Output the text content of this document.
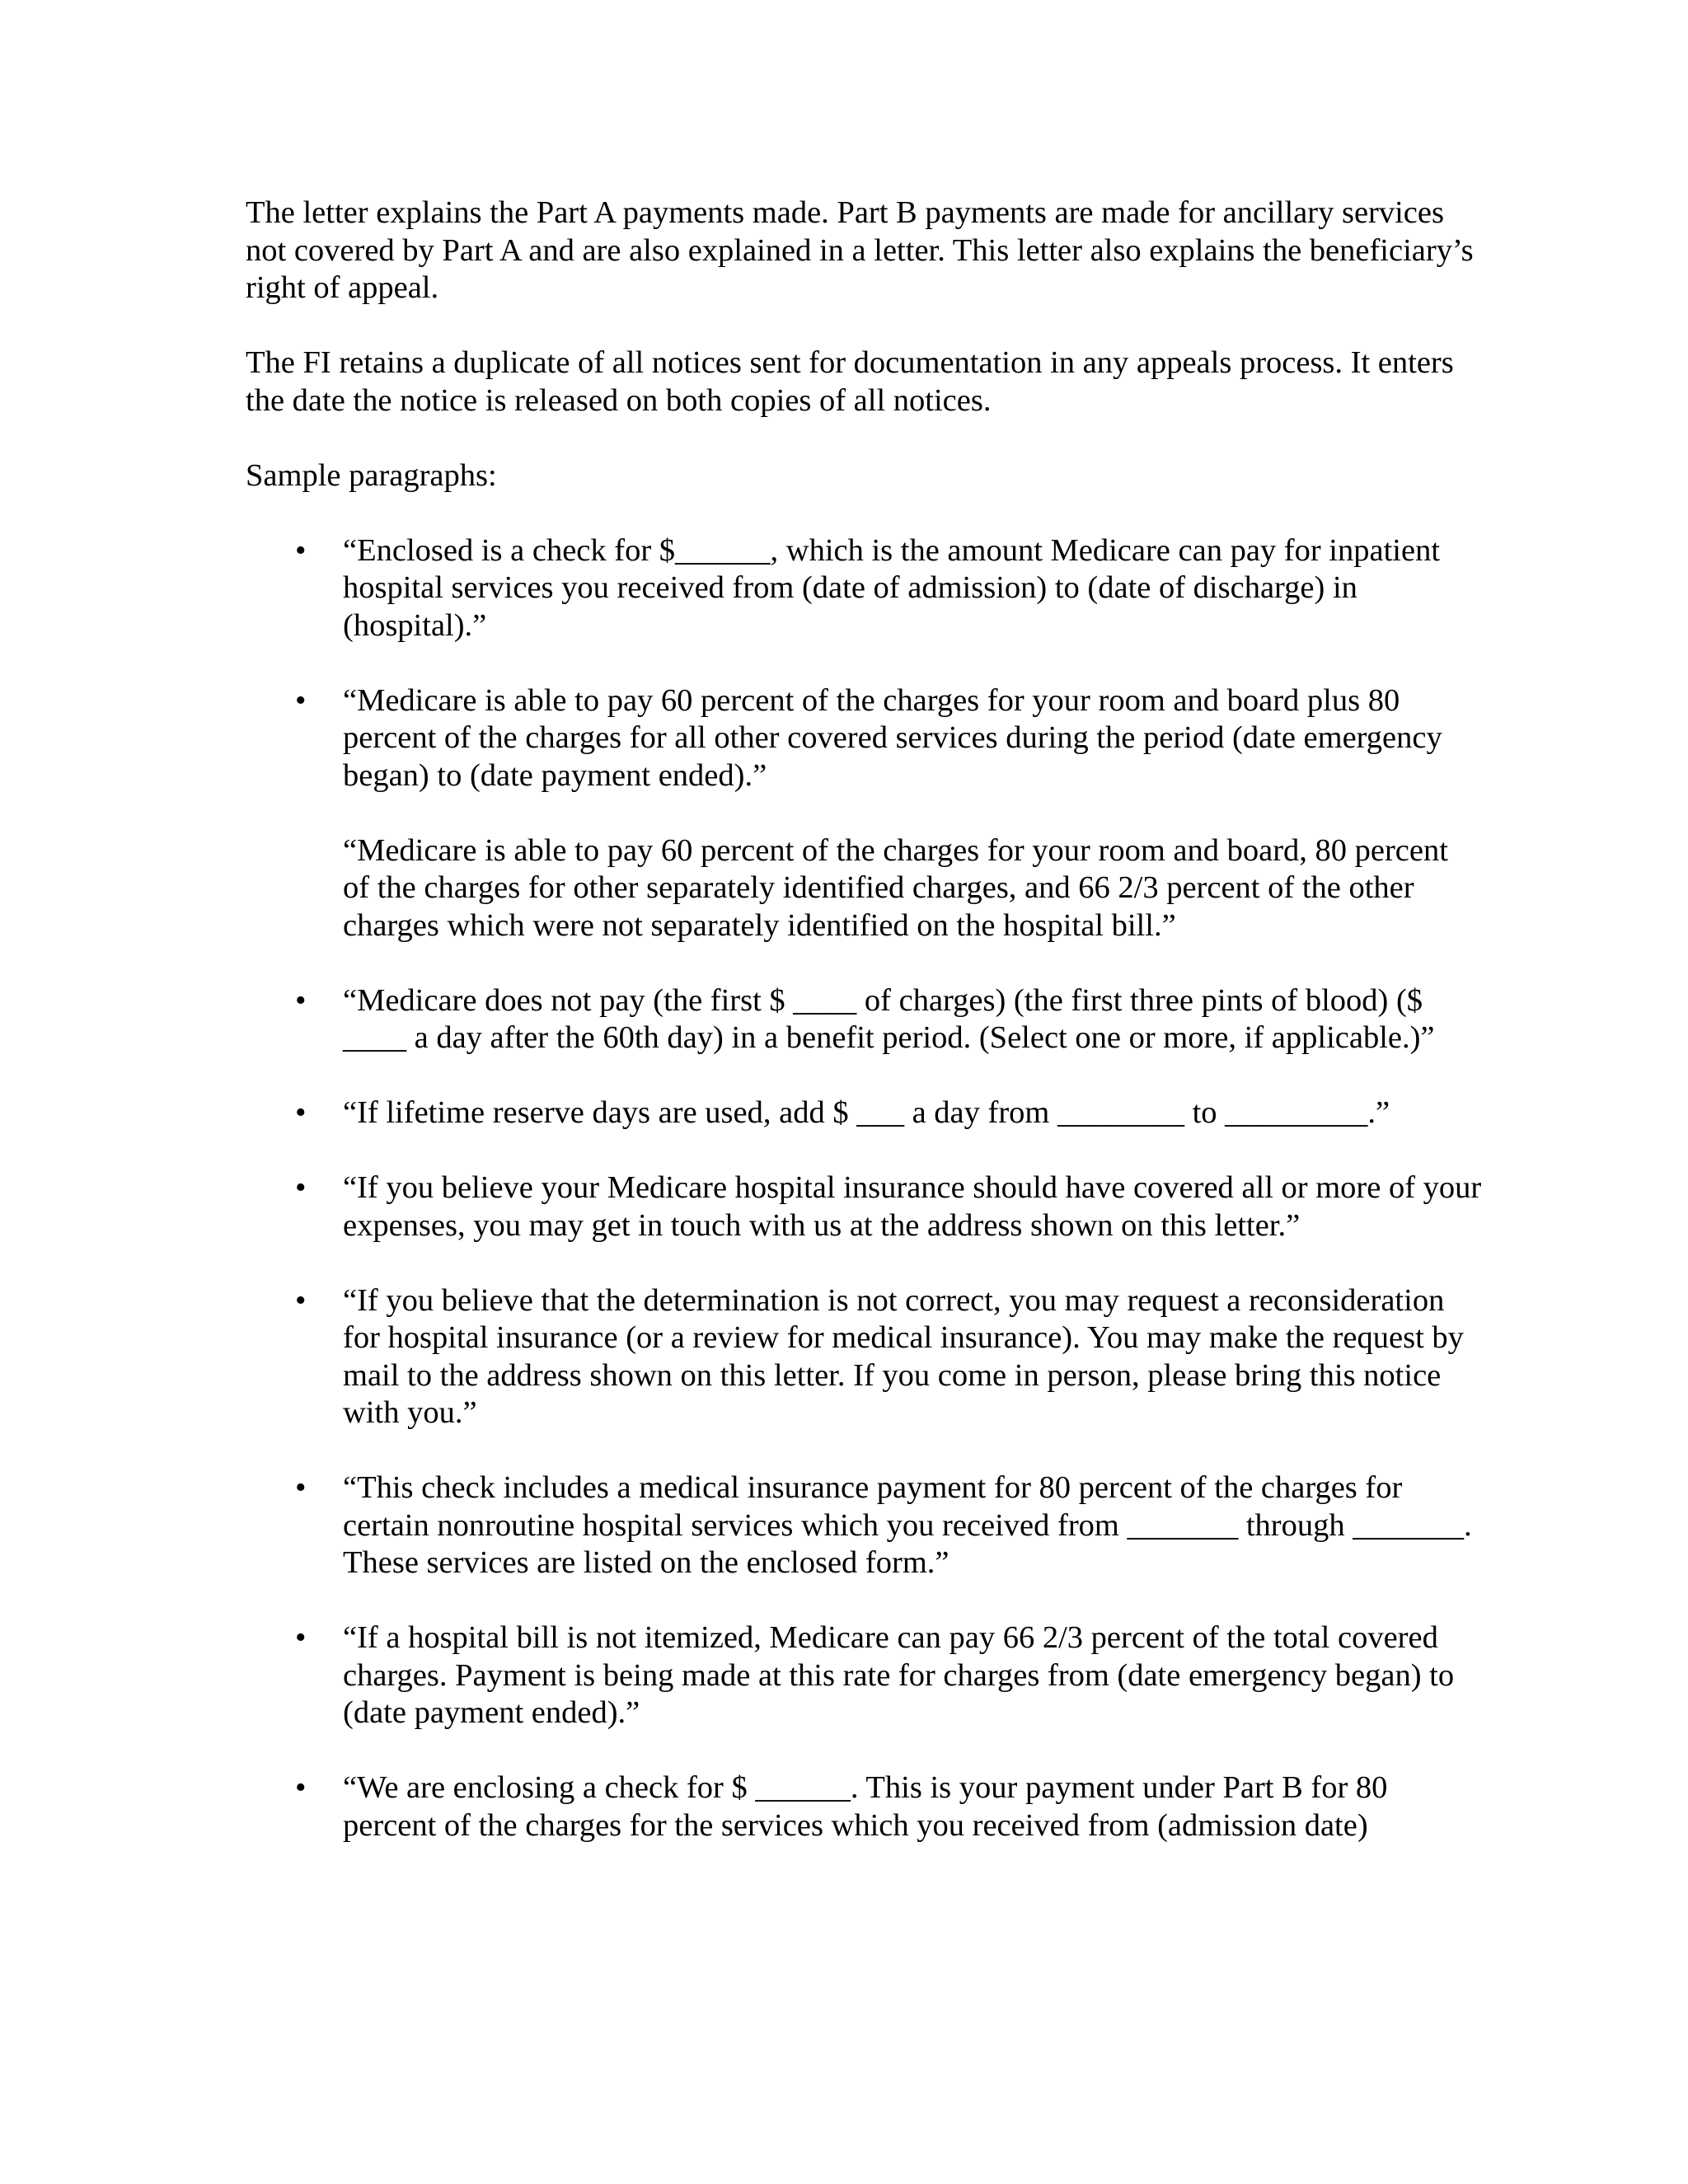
The letter explains the Part A payments made. Part B payments are made for ancillary services not covered by Part A and are also explained in a letter. This letter also explains the beneficiary’s right of appeal.

The FI retains a duplicate of all notices sent for documentation in any appeals process. It enters the date the notice is released on both copies of all notices.

Sample paragraphs:

• “Enclosed is a check for $______, which is the amount Medicare can pay for inpatient hospital services you received from (date of admission) to (date of discharge) in (hospital).”
• “Medicare is able to pay 60 percent of the charges for your room and board plus 80 percent of the charges for all other covered services during the period (date emergency began) to (date payment ended).”
“Medicare is able to pay 60 percent of the charges for your room and board, 80 percent of the charges for other separately identified charges, and 66 2/3 percent of the other charges which were not separately identified on the hospital bill.”
• “Medicare does not pay (the first $ ____ of charges) (the first three pints of blood) ($ ____ a day after the 60th day) in a benefit period. (Select one or more, if applicable.)”
• “If lifetime reserve days are used, add $ ___ a day from ________ to _________.”
• “If you believe your Medicare hospital insurance should have covered all or more of your expenses, you may get in touch with us at the address shown on this letter.”
• “If you believe that the determination is not correct, you may request a reconsideration for hospital insurance (or a review for medical insurance). You may make the request by mail to the address shown on this letter. If you come in person, please bring this notice with you.”
• “This check includes a medical insurance payment for 80 percent of the charges for certain nonroutine hospital services which you received from _______ through _______. These services are listed on the enclosed form.”
• “If a hospital bill is not itemized, Medicare can pay 66 2/3 percent of the total covered charges. Payment is being made at this rate for charges from (date emergency began) to (date payment ended).”
• “We are enclosing a check for $ ______. This is your payment under Part B for 80 percent of the charges for the services which you received from (admission date)
